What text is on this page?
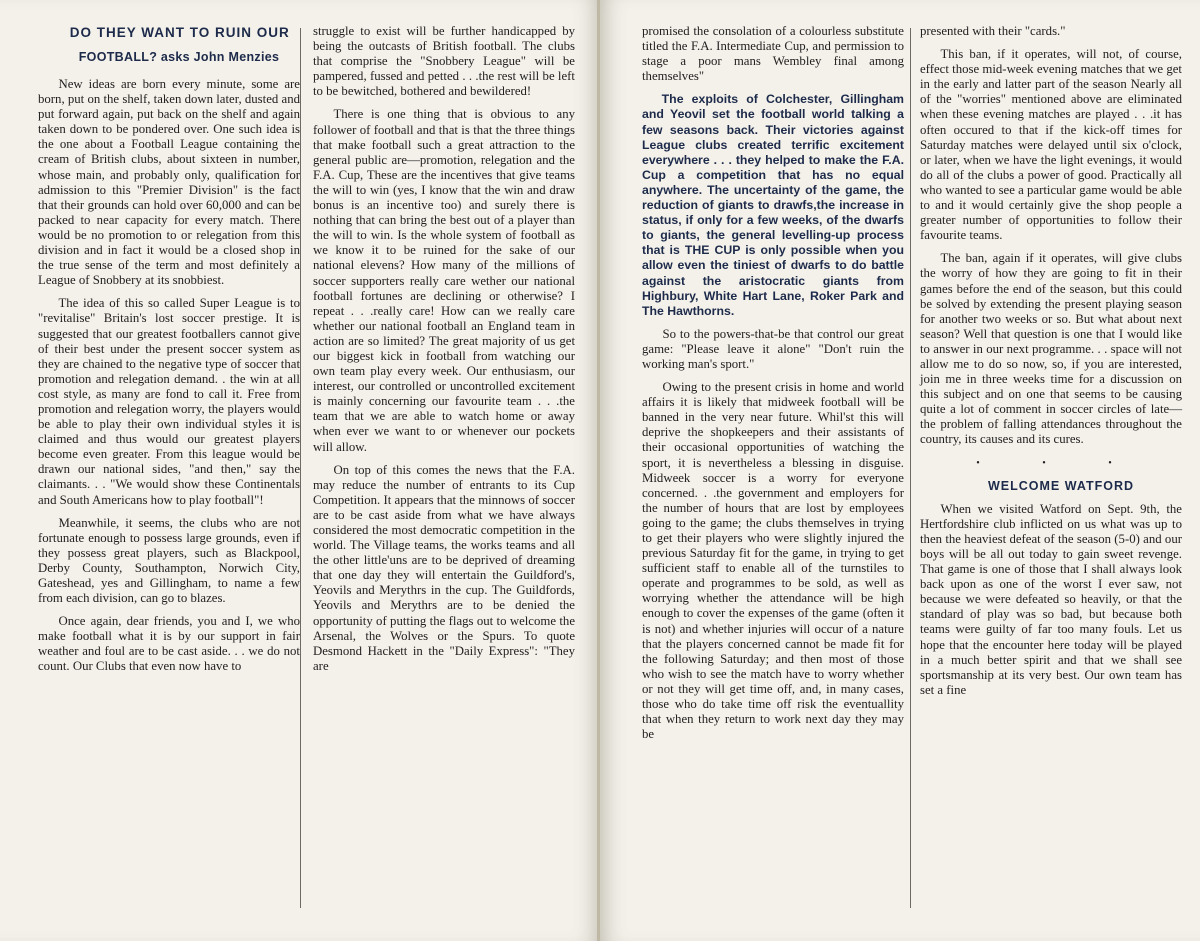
DO THEY WANT TO RUIN OUR

FOOTBALL? asks John Menzies

New ideas are born every minute, some are born, put on the shelf, taken down later, dusted and put forward again, put back on the shelf and again taken down to be pondered over. One such idea is the one about a Football League containing the cream of British clubs, about sixteen in number, whose main, and probably only, qualification for admission to this "Premier Division" is the fact that their grounds can hold over 60,000 and can be packed to near capacity for every match. There would be no promotion to or relegation from this division and in fact it would be a closed shop in the true sense of the term and most definitely a League of Snobbery at its snobbiest.

The idea of this so called Super League is to "revitalise" Britain's lost soccer prestige. It is suggested that our greatest footballers cannot give of their best under the present soccer system as they are chained to the negative type of soccer that promotion and relegation demand. . the win at all cost style, as many are fond to call it. Free from promotion and relegation worry, the players would be able to play their own individual styles it is claimed and thus would our greatest players become even greater. From this league would be drawn our national sides, "and then," say the claimants. . . "We would show these Continentals and South Americans how to play football"!

Meanwhile, it seems, the clubs who are not fortunate enough to possess large grounds, even if they possess great players, such as Blackpool, Derby County, Southampton, Norwich City, Gateshead, yes and Gillingham, to name a few from each division, can go to blazes.

Once again, dear friends, you and I, we who make football what it is by our support in fair weather and foul are to be cast aside. . . we do not count. Our Clubs that even now have to

struggle to exist will be further handicapped by being the outcasts of British football. The clubs that comprise the "Snobbery League" will be pampered, fussed and petted . . .the rest will be left to be bewitched, bothered and bewildered!

There is one thing that is obvious to any follower of football and that is that the three things that make football such a great attraction to the general public are—promotion, relegation and the F.A. Cup, These are the incentives that give teams the will to win (yes, I know that the win and draw bonus is an incentive too) and surely there is nothing that can bring the best out of a player than the will to win. Is the whole system of football as we know it to be ruined for the sake of our national elevens? How many of the millions of soccer supporters really care wether our national football fortunes are declining or otherwise? I repeat . . .really care! How can we really care whether our national football an England team in action are so limited? The great majority of us get our biggest kick in football from watching our own team play every week. Our enthusiasm, our interest, our controlled or uncontrolled excitement is mainly concerning our favourite team . . .the team that we are able to watch home or away when ever we want to or whenever our pockets will allow.

On top of this comes the news that the F.A. may reduce the number of entrants to its Cup Competition. It appears that the minnows of soccer are to be cast aside from what we have always considered the most democratic competition in the world. The Village teams, the works teams and all the other little'uns are to be deprived of dreaming that one day they will entertain the Guildford's, Yeovils and Merythrs in the cup. The Guildfords, Yeovils and Merythrs are to be denied the opportunity of putting the flags out to welcome the Arsenal, the Wolves or the Spurs. To quote Desmond Hackett in the "Daily Express": "They are

promised the consolation of a colourless substitute titled the F.A. Intermediate Cup, and permission to stage a poor mans Wembley final among themselves"

The exploits of Colchester, Gillingham and Yeovil set the football world talking a few seasons back. Their victories against League clubs created terrific excitement everywhere . . . they helped to make the F.A. Cup a competition that has no equal anywhere. The uncertainty of the game, the reduction of giants to drawfs,the increase in status, if only for a few weeks, of the dwarfs to giants, the general levelling-up process that is THE CUP is only possible when you allow even the tiniest of dwarfs to do battle against the aristocratic giants from Highbury, White Hart Lane, Roker Park and The Hawthorns.

So to the powers-that-be that control our great game: "Please leave it alone" "Don't ruin the working man's sport."

Owing to the present crisis in home and world affairs it is likely that midweek football will be banned in the very near future. Whil'st this will deprive the shopkeepers and their assistants of their occasional opportunities of watching the sport, it is nevertheless a blessing in disguise. Midweek soccer is a worry for everyone concerned. . .the government and employers for the number of hours that are lost by employees going to the game; the clubs themselves in trying to get their players who were slightly injured the previous Saturday fit for the game, in trying to get sufficient staff to enable all of the turnstiles to operate and programmes to be sold, as well as worrying whether the attendance will be high enough to cover the expenses of the game (often it is not) and whether injuries will occur of a nature that the players concerned cannot be made fit for the following Saturday; and then most of those who wish to see the match have to worry whether or not they will get time off, and, in many cases, those who do take time off risk the eventuallity that when they return to work next day they may be

presented with their "cards."

This ban, if it operates, will not, of course, effect those mid-week evening matches that we get in the early and latter part of the season Nearly all of the "worries" mentioned above are eliminated when these evening matches are played . . .it has often occured to that if the kick-off times for Saturday matches were delayed until six o'clock, or later, when we have the light evenings, it would do all of the clubs a power of good. Practically all who wanted to see a particular game would be able to and it would certainly give the shop people a greater number of opportunities to follow their favourite teams.

The ban, again if it operates, will give clubs the worry of how they are going to fit in their games before the end of the season, but this could be solved by extending the present playing season for another two weeks or so. But what about next season? Well that question is one that I would like to answer in our next programme. . . space will not allow me to do so now, so, if you are interested, join me in three weeks time for a discussion on this subject and on one that seems to be causing quite a lot of comment in soccer circles of late—the problem of falling attendances throughout the country, its causes and its cures.

• • •

WELCOME WATFORD

When we visited Watford on Sept. 9th, the Hertfordshire club inflicted on us what was up to then the heaviest defeat of the season (5-0) and our boys will be all out today to gain sweet revenge. That game is one of those that I shall always look back upon as one of the worst I ever saw, not because we were defeated so heavily, or that the standard of play was so bad, but because both teams were guilty of far too many fouls. Let us hope that the encounter here today will be played in a much better spirit and that we shall see sportsmanship at its very best. Our own team has set a fine
